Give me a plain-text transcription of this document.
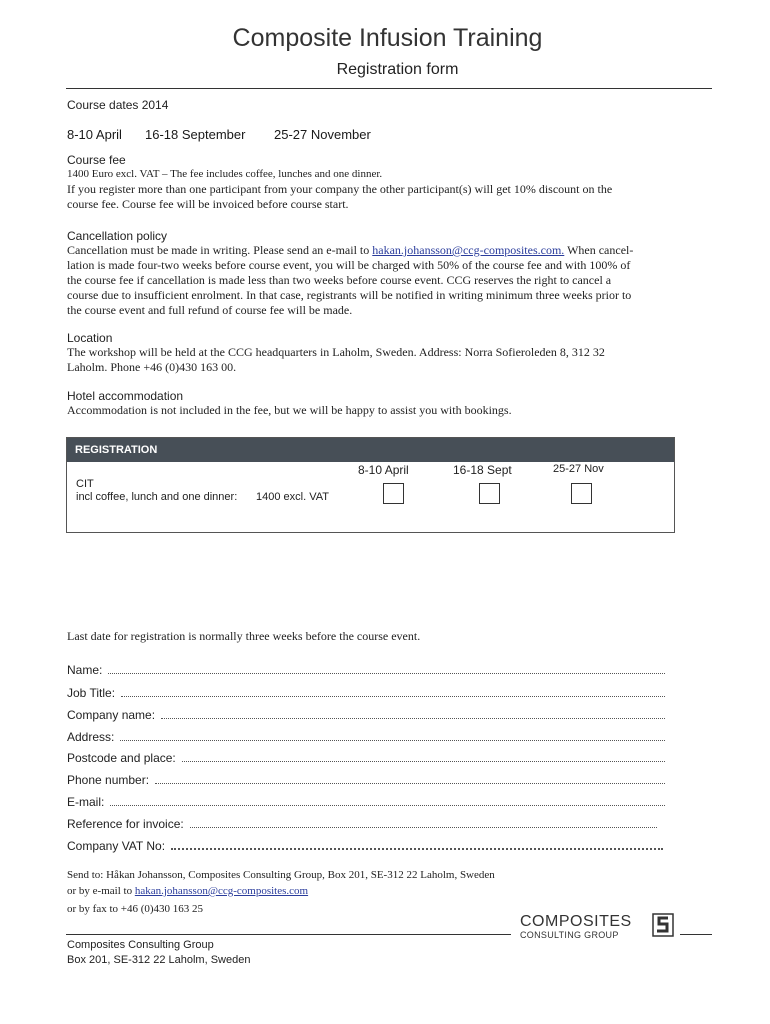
Composite Infusion Training
Registration form
Course dates 2014
8-10 April 16-18 September 25-27 November
Course fee
1400 Euro excl. VAT – The fee includes coffee, lunches and one dinner.
If you register more than one participant from your company the other participant(s) will get 10% discount on the
course fee. Course fee will be invoiced before course start.
Cancellation policy
Cancellation must be made in writing. Please send an e-mail to hakan.johansson@ccg-composites.com. When cancel-
lation is made four-two weeks before course event, you will be charged with 50% of the course fee and with 100% of
the course fee if cancellation is made less than two weeks before course event. CCG reserves the right to cancel a
course due to insufficient enrolment. In that case, registrants will be notified in writing minimum three weeks prior to
the course event and full refund of course fee will be made.
Location
The workshop will be held at the CCG headquarters in Laholm, Sweden. Address: Norra Sofieroleden 8, 312 32
Laholm. Phone +46 (0)430 163 00.
Hotel accommodation
Accommodation is not included in the fee, but we will be happy to assist you with bookings.
REGISTRATION
8-10 April	16-18 Sept	25-27 Nov
CIT
incl coffee, lunch and one dinner: 1400 excl. VAT
Last date for registration is normally three weeks before the course event.
Name:
Job Title:
Company name:
Address:
Postcode and place:
Phone number:
E-mail:
Reference for invoice:
Company VAT No:
Send to: Håkan Johansson, Composites Consulting Group, Box 201, SE-312 22 Laholm, Sweden
or by e-mail to hakan.johansson@ccg-composites.com
or by fax to +46 (0)430 163 25
COMPOSITES
CONSULTING GROUP
Composites Consulting Group
Box 201, SE-312 22 Laholm, Sweden
